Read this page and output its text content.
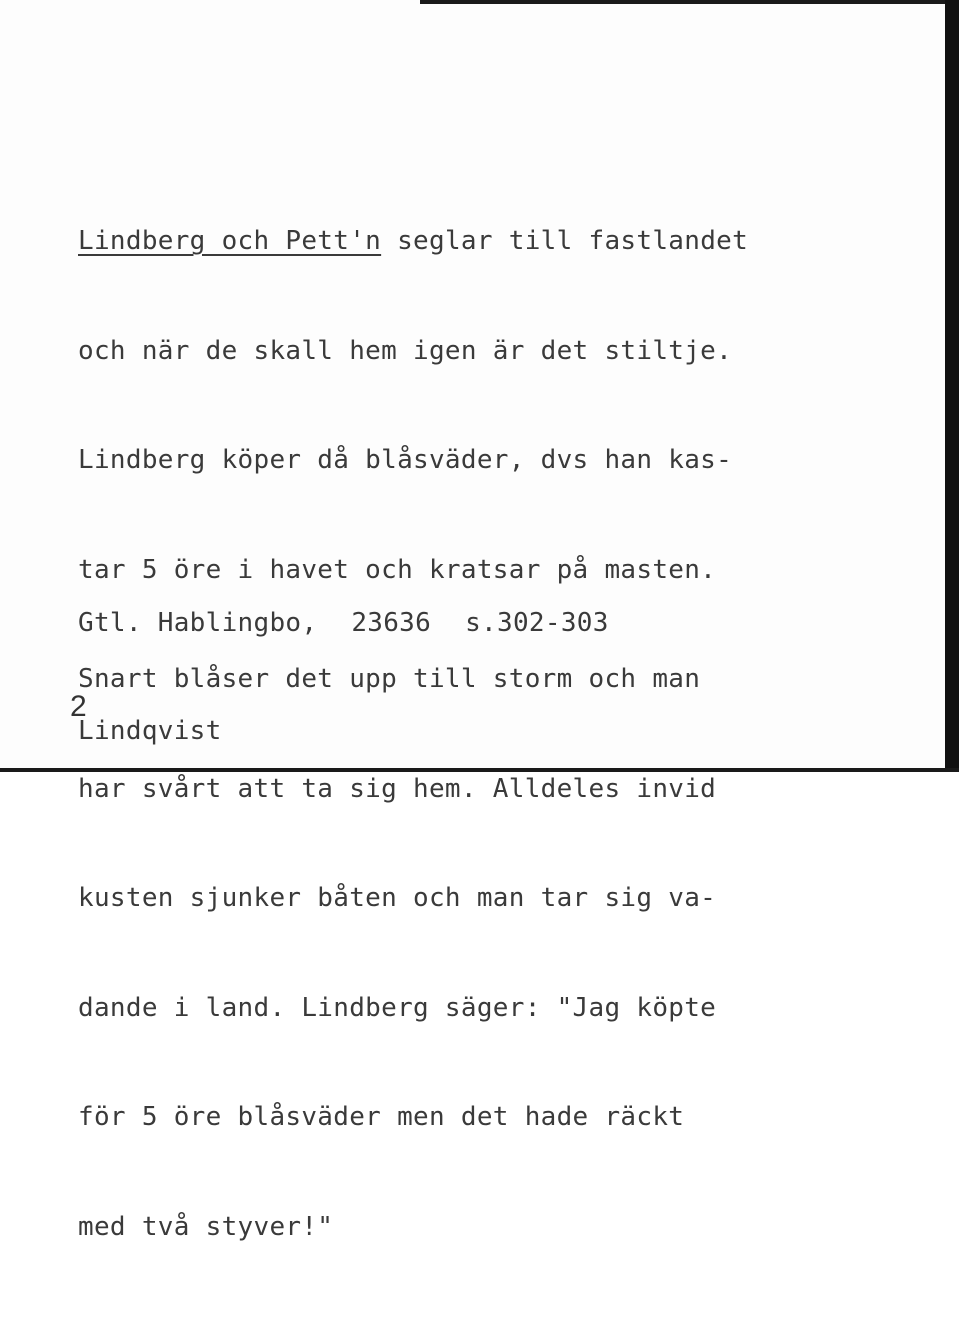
Lindberg och Pett'n seglar till fastlandet

och när de skall hem igen är det stiltje.

Lindberg köper då blåsväder, dvs han kas-

tar 5 öre i havet och kratsar på masten.

Snart blåser det upp till storm och man

har svårt att ta sig hem. Alldeles invid

kusten sjunker båten och man tar sig va-

dande i land. Lindberg säger: "Jag köpte

för 5 öre blåsväder men det hade räckt

med två styver!"

Gtl. Hablingbo, 23636 s.302-303

Lindqvist

2
